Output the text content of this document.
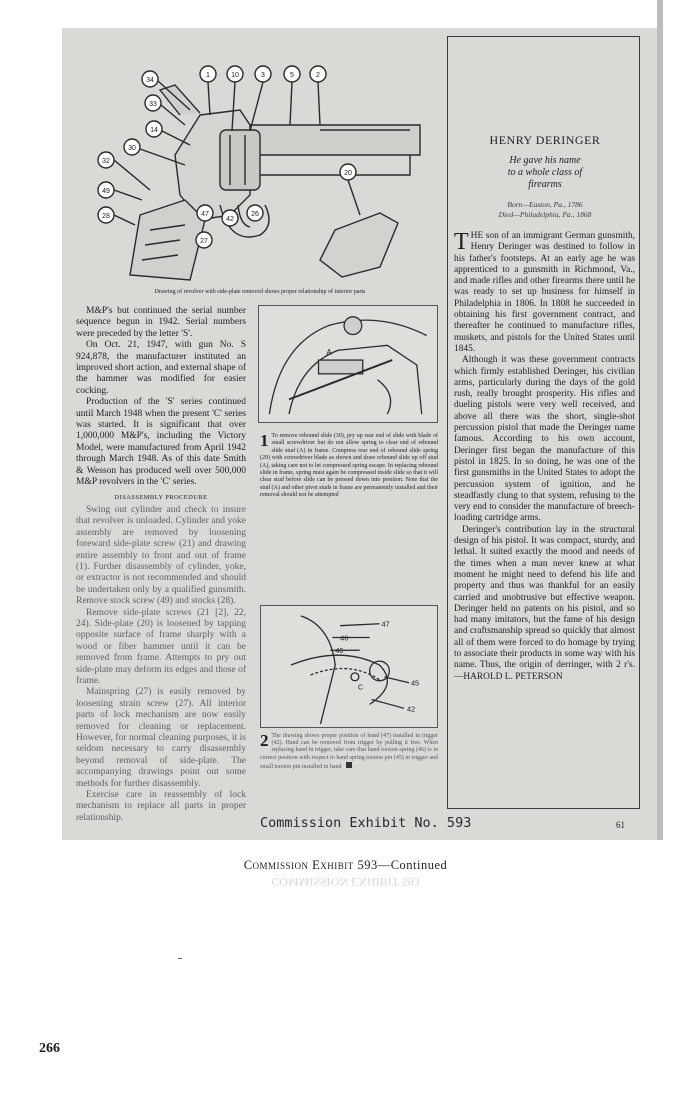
34
1	10	3	5	2
33
14
30
32
49
28	47
42
26
27
20
Drawing of revolver with side-plate removed shows proper relationship of interior parts

M&P's but continued the serial number sequence begun in 1942. Serial numbers were preceded by the letter 'S'.

On Oct. 21, 1947, with gun No. S 924,878, the manufacturer instituted an improved short action, and external shape of the hammer was modified for easier cocking.

Production of the 'S' series continued until March 1948 when the present 'C' series was started. It is significant that over 1,000,000 M&P's, including the Victory Model, were manufactured from April 1942 through March 1948. As of this date Smith & Wesson has produced well over 500,000 M&P revolvers in the 'C' series.

DISASSEMBLY PROCEDURE

Swing out cylinder and check to insure that revolver is unloaded. Cylinder and yoke assembly are removed by loosening foreward side-plate screw (21) and drawing entire assembly to front and out of frame (1). Further disassembly of cylinder, yoke, or extractor is not recommended and should be undertaken only by a qualified gunsmith. Remove stock screw (49) and stocks (28).

Remove side-plate screws (21 [2], 22, 24). Side-plate (20) is loosened by tapping opposite surface of frame sharply with a wood or fiber hammer until it can be removed from frame. Attempts to pry out side-plate may deform its edges and those of frame.

Mainspring (27) is easily removed by loosening strain screw (27). All interior parts of lock mechanism are now easily removed for cleaning or replacement. However, for normal cleaning purposes, it is seldom necessary to carry disassembly beyond removal of side-plate. The accompanying drawings point out some methods for further disassembly.

Exercise care in reassembly of lock mechanism to replace all parts in proper relationship.

A
1 To remove rebound slide (30), pry up rear end of slide with blade of small screwdriver but do not allow spring to clear end of rebound slide stud (A) in frame. Compress rear end of rebound slide spring (29) with screwdriver blade as shown and draw rebound slide up off stud (A), taking care not to let compressed spring escape. In replacing rebound slide in frame, spring must again be compressed inside slide so that it will clear stud before slide can be pressed down into position. Note that the stud (A) and other pivot studs in frame are permanently installed and their removal should not be attempted
47
46
46
45
42
C
2 The drawing shows proper position of hand (47) installed in trigger (42). Hand can be removed from trigger by pulling it free. When replacing hand in trigger, take care that hand torsion spring (46) is in correct position with respect to hand spring torsion pin (45) in trigger and small torsion pin installed in hand
HENRY DERINGER
He gave his name
to a whole class of
firearms
Born—Easton, Pa., 1786
Died—Philadelphia, Pa., 1868

THE son of an immigrant German gunsmith, Henry Deringer was destined to follow in his father's footsteps. At an early age he was apprenticed to a gunsmith in Richmond, Va., and made rifles and other firearms there until he was ready to set up business for himself in Philadelphia in 1806. In 1808 he succeeded in obtaining his first government contract, and thereafter he continued to manufacture rifles, muskets, and pistols for the United States until 1845.

Although it was these government contracts which firmly established Deringer, his civilian arms, particularly during the days of the gold rush, really brought prosperity. His rifles and dueling pistols were very well received, and above all there was the short, single-shot percussion pistol that made the Deringer name famous. According to his own account, Deringer first began the manufacture of this pistol in 1825. In so doing, he was one of the first gunsmiths in the United States to adopt the percussion system of ignition, and he steadfastly clung to that system, refusing to the very end to consider the manufacture of breech-loading cartridge arms.

Deringer's contribution lay in the structural design of his pistol. It was compact, sturdy, and lethal. It suited exactly the mood and needs of the times when a man never knew at what moment he might need to defend his life and property and thus was thankful for an easily carried and unobtrusive but effective weapon. Deringer held no patents on his pistol, and so had many imitators, but the fame of his design and craftsmanship spread so quickly that almost all of them were forced to do homage by trying to associate their products in some way with his name. Thus, the origin of derringer, with 2 r's.—HAROLD L. PETERSON

Commission Exhibit No. 593	61
Commission Exhibit 593—Continued
COMMISSION EXHIBIT 593
266
